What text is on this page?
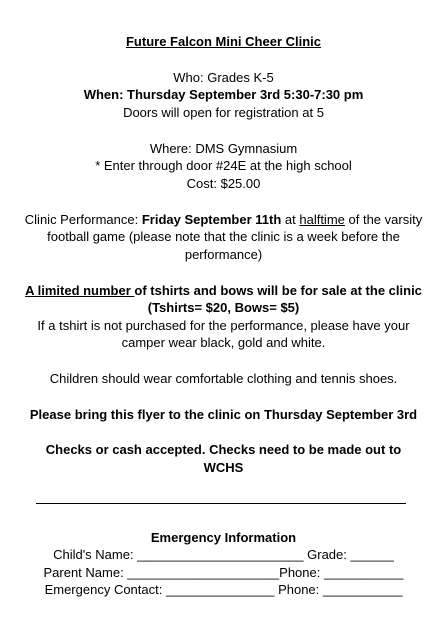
Future Falcon Mini Cheer Clinic
Who: Grades K-5
When: Thursday September 3rd 5:30-7:30 pm
Doors will open for registration at 5
Where: DMS Gymnasium
* Enter through door #24E at the high school
Cost: $25.00
Clinic Performance: Friday September 11th at halftime of the varsity
football game (please note that the clinic is a week before the
performance)
A limited number of tshirts and bows will be for sale at the clinic
(Tshirts= $20, Bows= $5)
If a tshirt is not purchased for the performance, please have your
camper wear black, gold and white.
Children should wear comfortable clothing and tennis shoes.
Please bring this flyer to the clinic on Thursday September 3rd
Checks or cash accepted. Checks need to be made out to
WCHS
Emergency Information
Child's Name: _______________________ Grade: ______
Parent Name: _____________________Phone: ___________
Emergency Contact: _______________ Phone: ___________
